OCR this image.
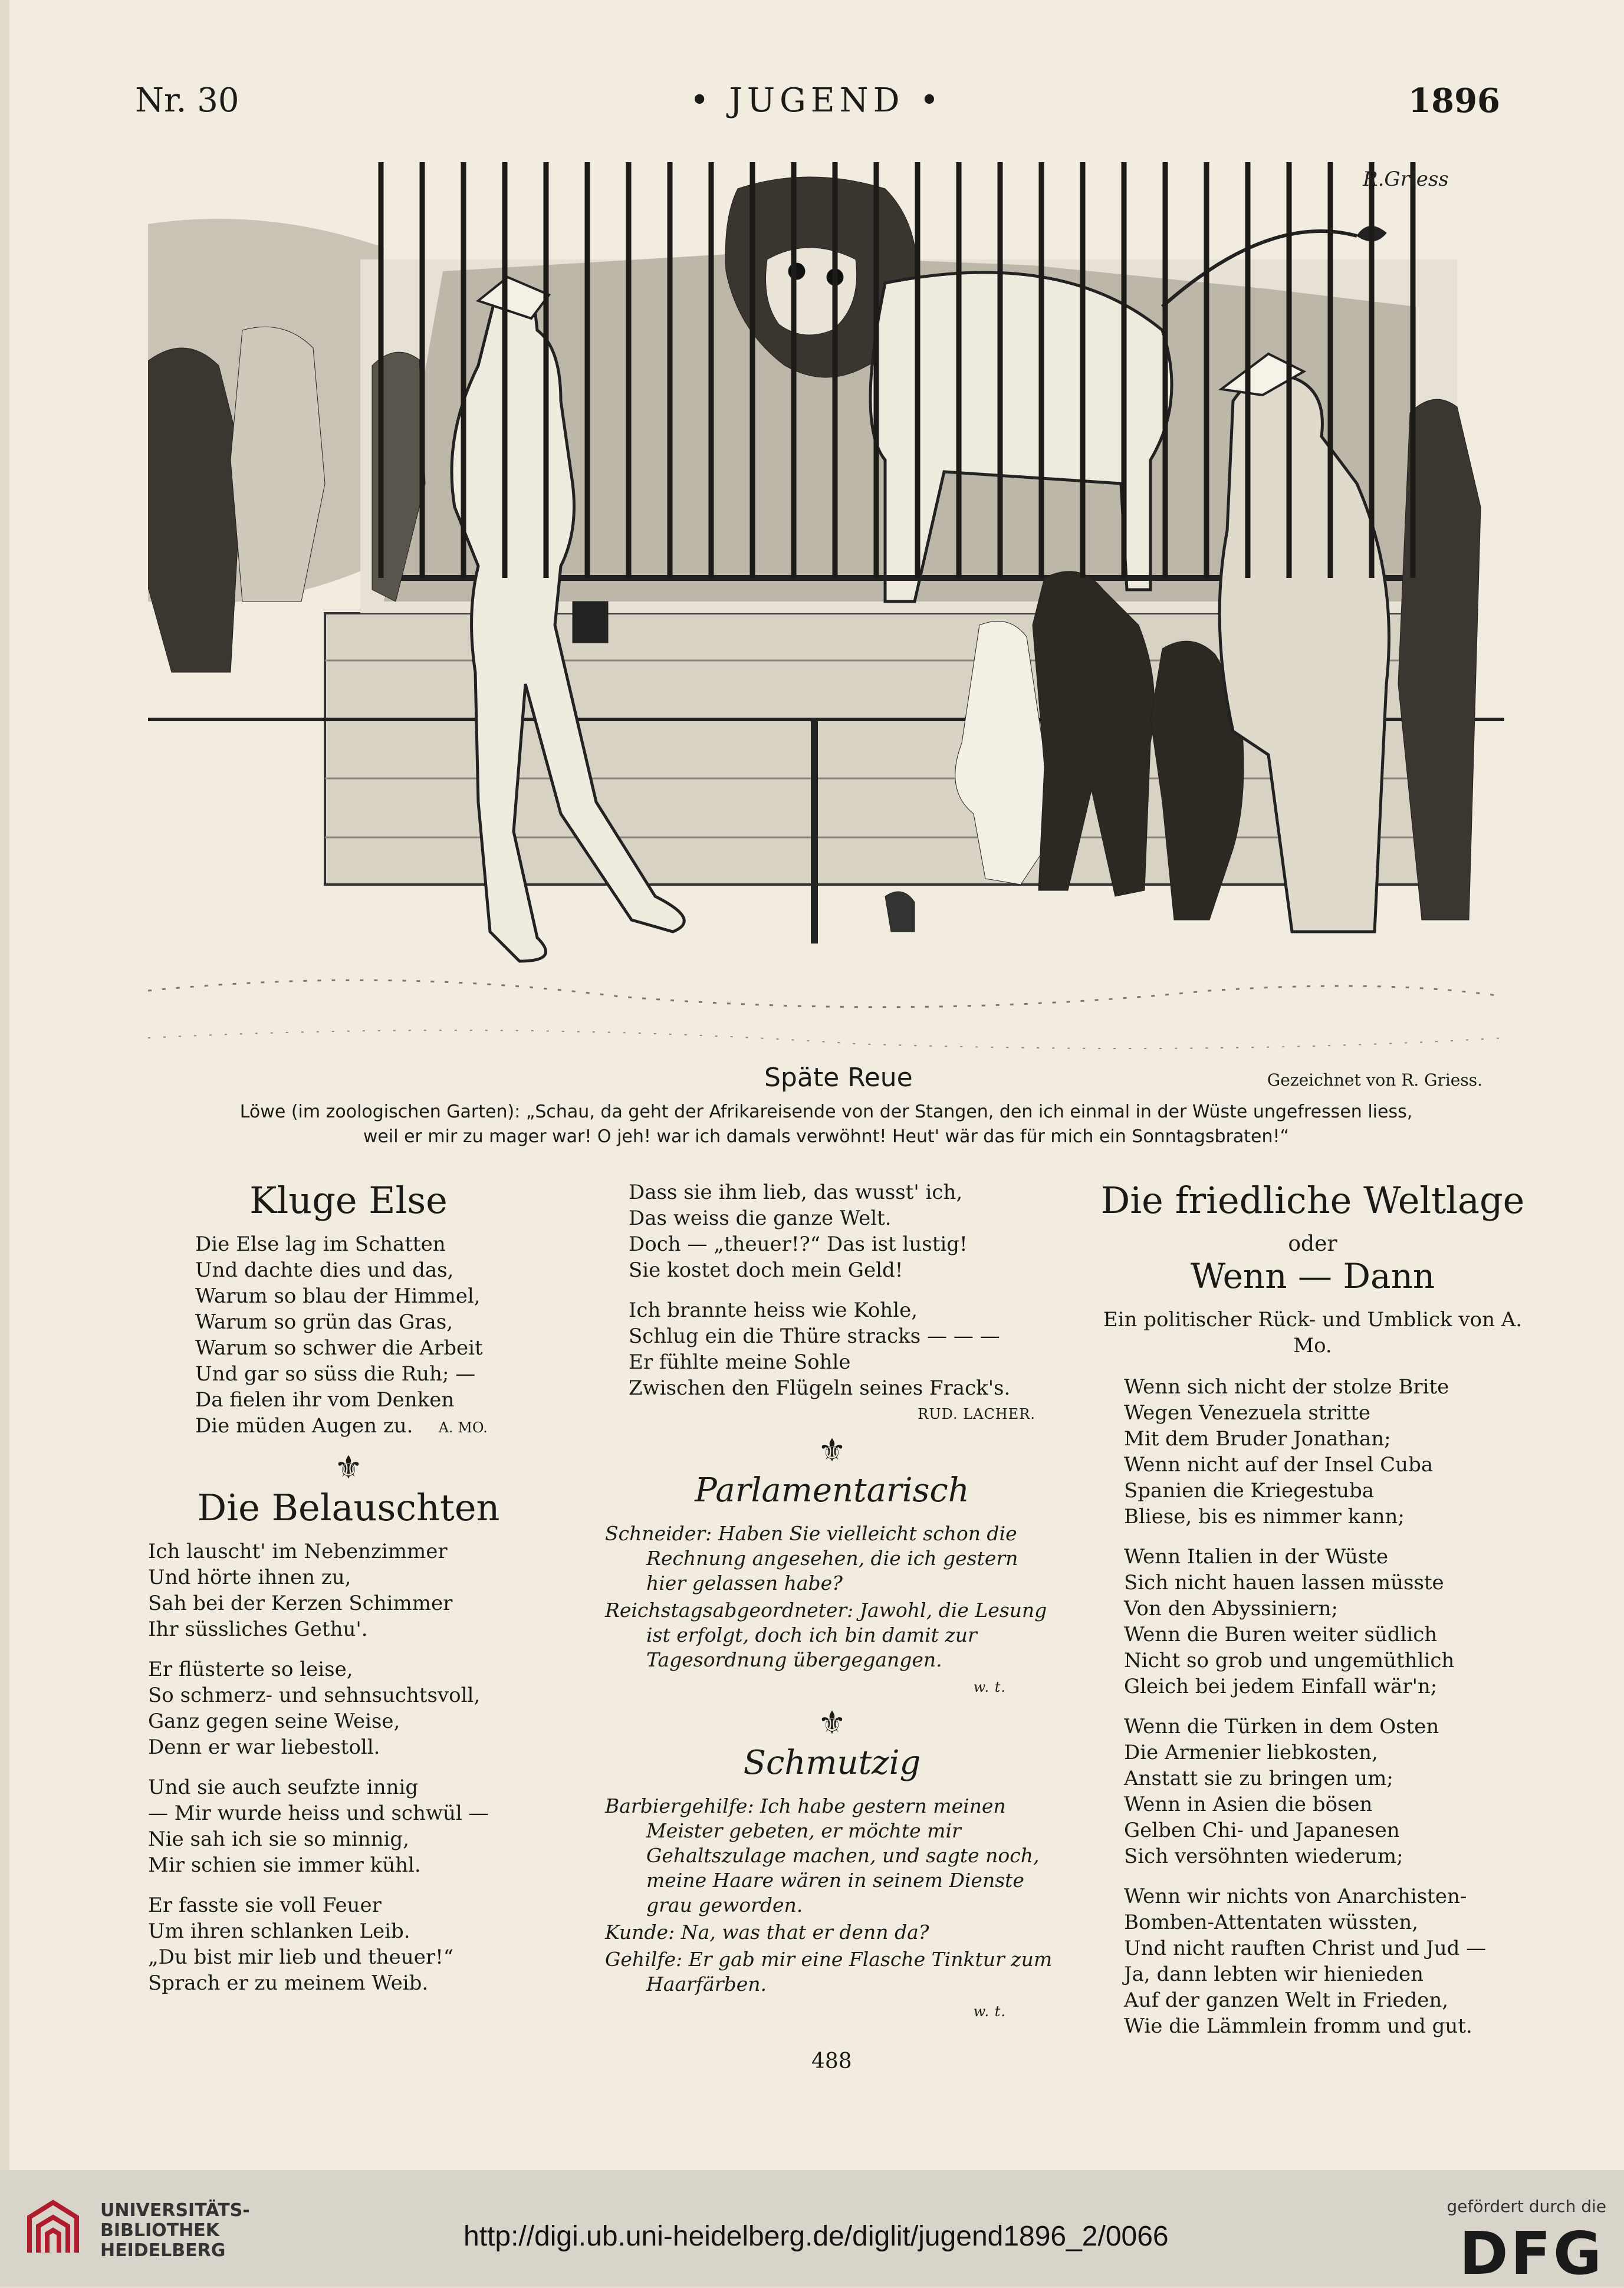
Nr. 30	• JUGEND •	1896
R.Griess
Späte Reue	Gezeichnet von R. Griess.
Löwe (im zoologischen Garten): „Schau, da geht der Afrikareisende von der Stangen, den ich einmal in der Wüste ungefressen liess,
weil er mir zu mager war! O jeh! war ich damals verwöhnt! Heut' wär das für mich ein Sonntagsbraten!“
Kluge Else
Die Else lag im Schatten
Und dachte dies und das,
Warum so blau der Himmel,
Warum so grün das Gras,
Warum so schwer die Arbeit
Und gar so süss die Ruh; —
Da fielen ihr vom Denken
Die müden Augen zu. A. MO.
⚜
Die Belauschten
Ich lauscht' im Nebenzimmer
Und hörte ihnen zu,
Sah bei der Kerzen Schimmer
Ihr süssliches Gethu'.
Er flüsterte so leise,
So schmerz- und sehnsuchtsvoll,
Ganz gegen seine Weise,
Denn er war liebestoll.
Und sie auch seufzte innig
— Mir wurde heiss und schwül —
Nie sah ich sie so minnig,
Mir schien sie immer kühl.
Er fasste sie voll Feuer
Um ihren schlanken Leib.
„Du bist mir lieb und theuer!“
Sprach er zu meinem Weib.
Dass sie ihm lieb, das wusst' ich,
Das weiss die ganze Welt.
Doch — „theuer!?“ Das ist lustig!
Sie kostet doch mein Geld!
Ich brannte heiss wie Kohle,
Schlug ein die Thüre stracks — — —
Er fühlte meine Sohle
Zwischen den Flügeln seines Frack's.
RUD. LACHER.
⚜
Parlamentarisch
Schneider: Haben Sie vielleicht schon die Rechnung angesehen, die ich gestern hier gelassen habe?
Reichstagsabgeordneter: Jawohl, die Lesung ist erfolgt, doch ich bin damit zur Tagesordnung übergegangen.
w. t.
⚜
Schmutzig
Barbiergehilfe: Ich habe gestern meinen Meister gebeten, er möchte mir Gehaltszulage machen, und sagte noch, meine Haare wären in seinem Dienste grau geworden.
Kunde: Na, was that er denn da?
Gehilfe: Er gab mir eine Flasche Tinktur zum Haarfärben.
w. t.
Die friedliche Weltlage
oder
Wenn — Dann
Ein politischer Rück- und Umblick von A. Mo.
Wenn sich nicht der stolze Brite
Wegen Venezuela stritte
Mit dem Bruder Jonathan;
Wenn nicht auf der Insel Cuba
Spanien die Kriegestuba
Bliese, bis es nimmer kann;
Wenn Italien in der Wüste
Sich nicht hauen lassen müsste
Von den Abyssiniern;
Wenn die Buren weiter südlich
Nicht so grob und ungemüthlich
Gleich bei jedem Einfall wär'n;
Wenn die Türken in dem Osten
Die Armenier liebkosten,
Anstatt sie zu bringen um;
Wenn in Asien die bösen
Gelben Chi- und Japanesen
Sich versöhnten wiederum;
Wenn wir nichts von Anarchisten-
Bomben-Attentaten wüssten,
Und nicht rauften Christ und Jud —
Ja, dann lebten wir hienieden
Auf der ganzen Welt in Frieden,
Wie die Lämmlein fromm und gut.
488
UNIVERSITÄTS-
BIBLIOTHEK
HEIDELBERG	http://digi.ub.uni-heidelberg.de/diglit/jugend1896_2/0066
gefördert durch die
DFG
